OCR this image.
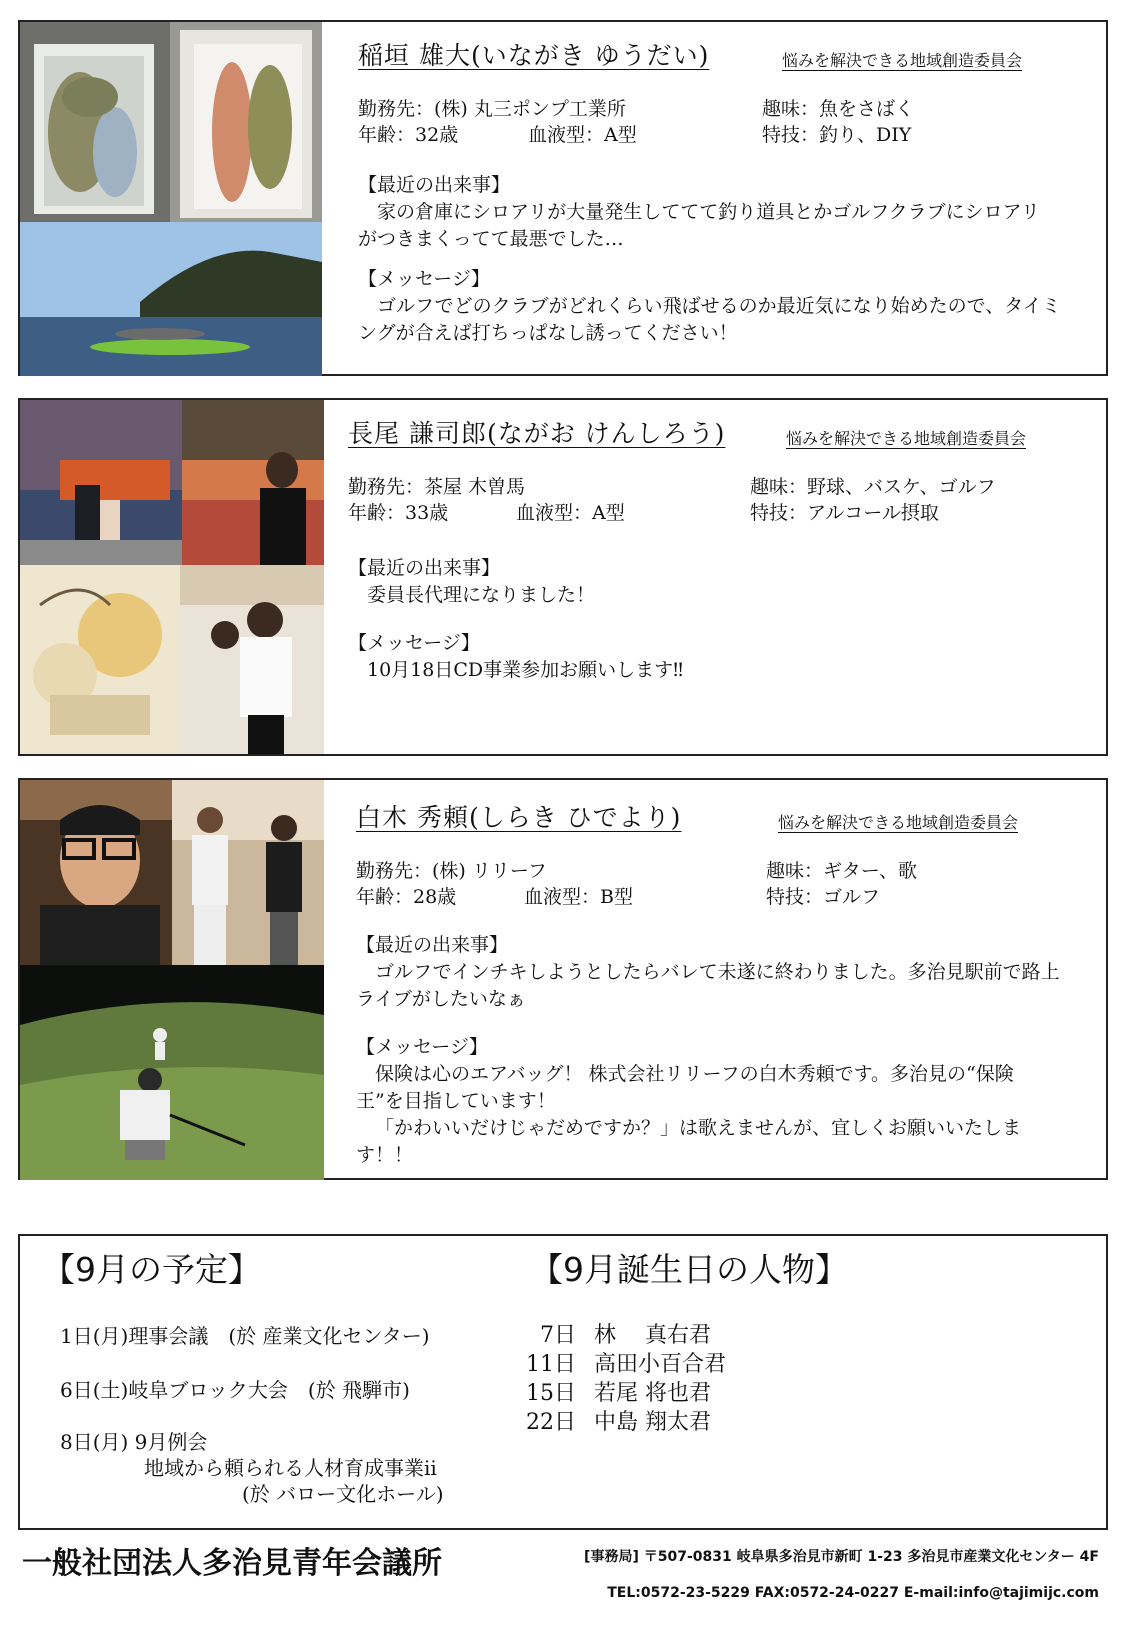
稲垣 雄大(いながき ゆうだい)	悩みを解決できる地域創造委員会
勤務先：(株) 丸三ポンプ工業所	趣味：魚をさばく
年齢：32歳	血液型：A型	特技：釣り、DIY
【最近の出来事】
家の倉庫にシロアリが大量発生しててて釣り道具とかゴルフクラブにシロアリがつきまくってて最悪でした…
【メッセージ】
ゴルフでどのクラブがどれくらい飛ばせるのか最近気になり始めたので、タイミングが合えば打ちっぱなし誘ってください！
長尾 謙司郎(ながお けんしろう)	悩みを解決できる地域創造委員会
勤務先：茶屋 木曽馬	趣味：野球、バスケ、ゴルフ
年齢：33歳	血液型：A型	特技：アルコール摂取
【最近の出来事】
委員長代理になりました！
【メッセージ】
10月18日CD事業参加お願いします‼
白木 秀頼(しらき ひでより)	悩みを解決できる地域創造委員会
勤務先：(株) リリーフ	趣味：ギター、歌
年齢：28歳	血液型：B型	特技：ゴルフ
【最近の出来事】
ゴルフでインチキしようとしたらバレて未遂に終わりました。多治見駅前で路上ライブがしたいなぁ
【メッセージ】
保険は心のエアバッグ！ 株式会社リリーフの白木秀頼です。多治見の“保険王”を目指しています！
「かわいいだけじゃだめですか？」は歌えませんが、宜しくお願いいたします！！
【9月の予定】
1日(月)理事会議　(於 産業文化センター)
6日(土)岐阜ブロック大会　(於 飛騨市)
8日(月) 9月例会
地域から頼られる人材育成事業ⅱ
(於 バロー文化ホール)
【9月誕生日の人物】
7日 林　 真右君
11日 高田小百合君
15日 若尾 将也君
22日 中島 翔太君
一般社団法人多治見青年会議所	[事務局] 〒507-0831 岐阜県多治見市新町 1-23 多治見市産業文化センター 4F
TEL:0572-23-5229 FAX:0572-24-0227 E-mail:info@tajimijc.com
